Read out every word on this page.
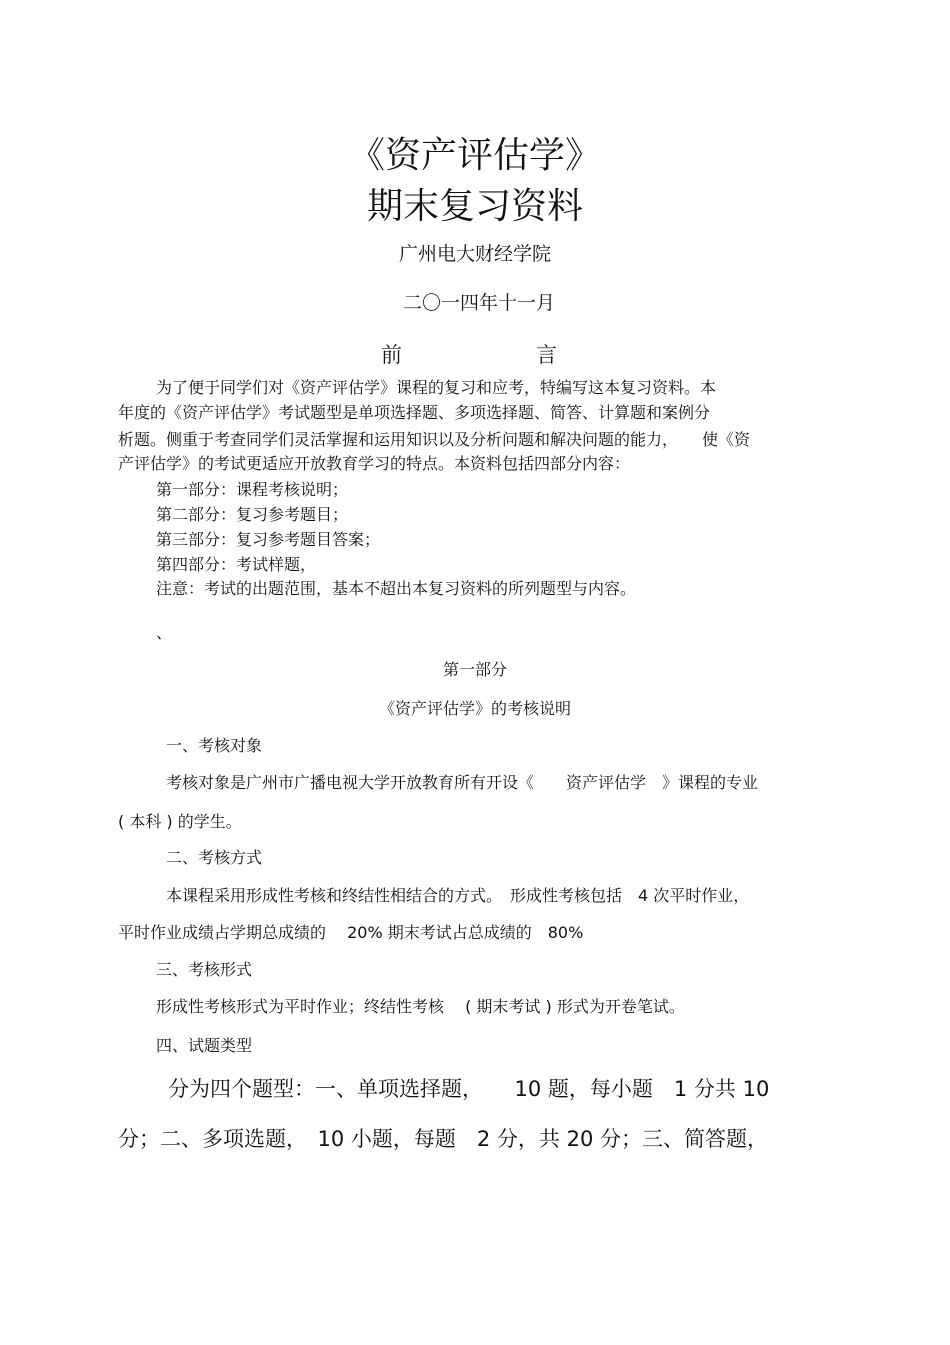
《资产评估学》
期末复习资料
广州电大财经学院
二〇一四年十一月
前	言
为了便于同学们对《资产评估学》课程的复习和应考，特编写这本复习资料。本
年度的《资产评估学》考试题型是单项选择题、多项选择题、简答、计算题和案例分
析题。侧重于考查同学们灵活掌握和运用知识以及分析问题和解决问题的能力，　　使《资
产评估学》的考试更适应开放教育学习的特点。本资料包括四部分内容：
第一部分：课程考核说明；
第二部分：复习参考题目；
第三部分：复习参考题目答案；
第四部分：考试样题，
注意：考试的出题范围，基本不超出本复习资料的所列题型与内容。
、
第一部分
《资产评估学》的考核说明
一、考核对象
考核对象是广州市广播电视大学开放教育所有开设《　　资产评估学　》课程的专业
( 本科 ) 的学生。
二、考核方式
本课程采用形成性考核和终结性相结合的方式。　形成性考核包括　4 次平时作业，
平时作业成绩占学期总成绩的　 20% 期末考试占总成绩的　80%
三、考核形式
形成性考核形式为平时作业；终结性考核　 ( 期末考试 ) 形式为开卷笔试。
四、试题类型
分为四个题型：一、单项选择题，　　10 题，每小题　1 分共 10
分；二、多项选题，　10 小题，每题　2 分，共 20 分；三、简答题，
